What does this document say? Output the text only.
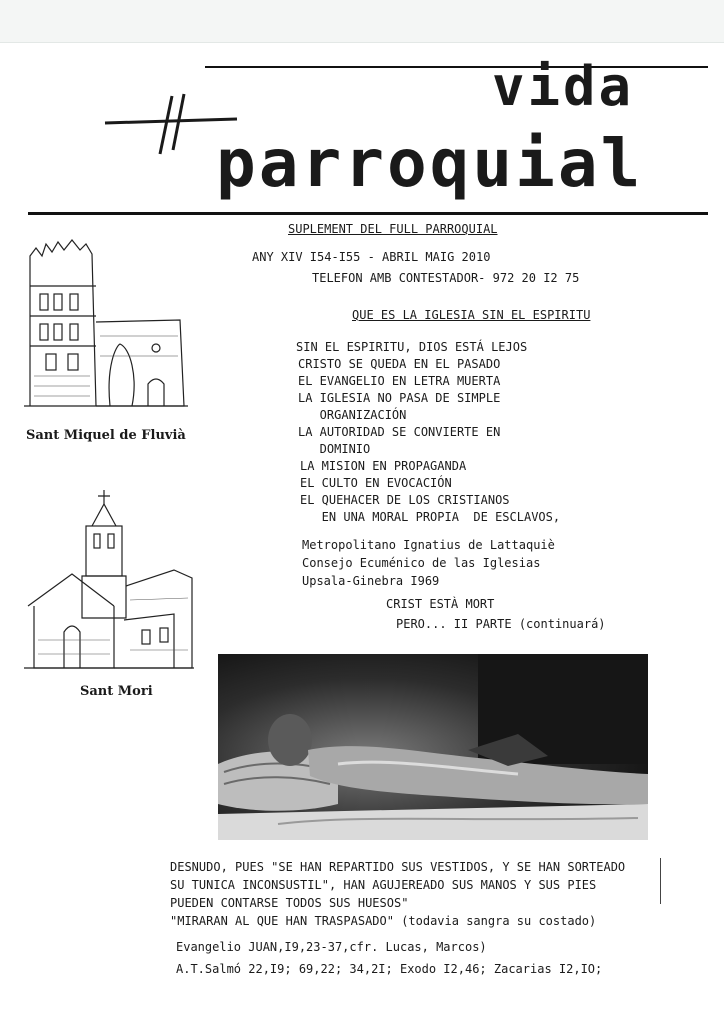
vida
parroquial
SUPLEMENT DEL FULL PARROQUIAL
ANY XIV I54-I55 - ABRIL MAIG 2010
TELEFON AMB CONTESTADOR- 972 20 I2 75
Sant Miquel de Fluvià
Sant Mori
QUE ES LA IGLESIA SIN EL ESPIRITU
SIN EL ESPIRITU, DIOS ESTÁ LEJOS
CRISTO SE QUEDA EN EL PASADO
EL EVANGELIO EN LETRA MUERTA
LA IGLESIA NO PASA DE SIMPLE
ORGANIZACIÓN
LA AUTORIDAD SE CONVIERTE EN
DOMINIO
LA MISION EN PROPAGANDA
EL CULTO EN EVOCACIÓN
EL QUEHACER DE LOS CRISTIANOS
EN UNA MORAL PROPIA  DE ESCLAVOS,
Metropolitano Ignatius de Lattaquiè
Consejo Ecuménico de las Iglesias
Upsala-Ginebra I969
CRIST ESTÀ MORT
PERO... II PARTE (continuará)
DESNUDO, PUES "SE HAN REPARTIDO SUS VESTIDOS, Y SE HAN SORTEADO
SU TUNICA INCONSUSTIL", HAN AGUJEREADO SUS MANOS Y SUS PIES
PUEDEN CONTARSE TODOS SUS HUESOS"
"MIRARAN AL QUE HAN TRASPASADO" (todavia sangra su costado)
Evangelio JUAN,I9,23-37,cfr. Lucas, Marcos)
A.T.Salmó 22,I9; 69,22; 34,2I; Exodo I2,46; Zacarias I2,IO;
